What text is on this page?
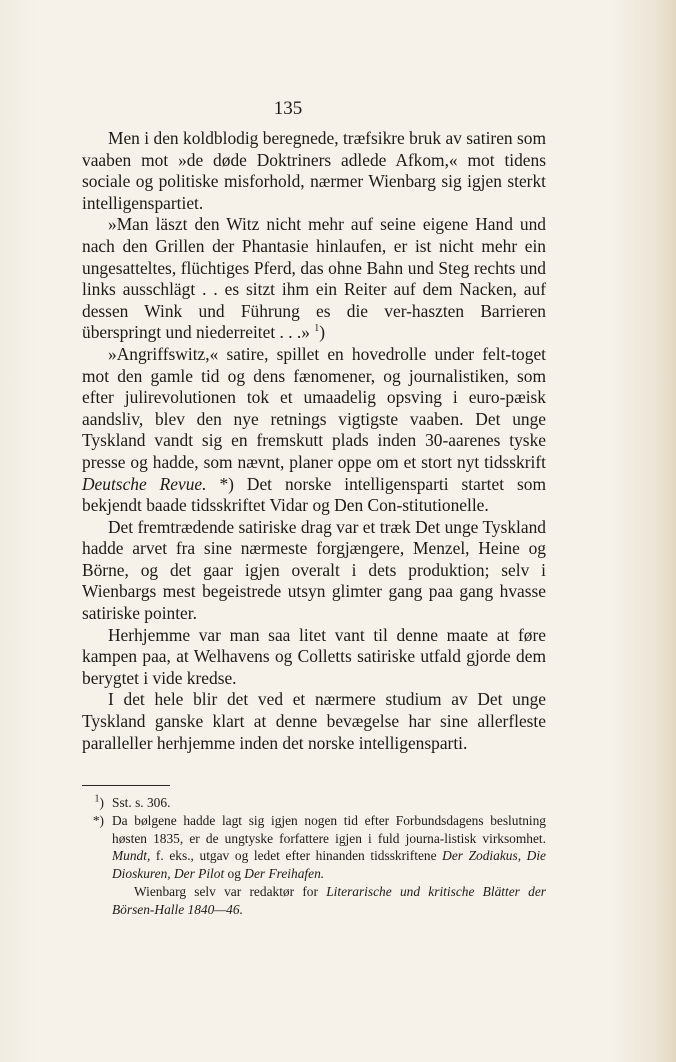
135

Men i den koldblodig beregnede, træfsikre bruk av satiren som vaaben mot »de døde Doktriners adlede Afkom,« mot tidens sociale og politiske misforhold, nærmer Wienbarg sig igjen sterkt intelligenspartiet.

»Man läszt den Witz nicht mehr auf seine eigene Hand und nach den Grillen der Phantasie hinlaufen, er ist nicht mehr ein ungesatteltes, flüchtiges Pferd, das ohne Bahn und Steg rechts und links ausschlägt . . es sitzt ihm ein Reiter auf dem Nacken, auf dessen Wink und Führung es die ver-haszten Barrieren überspringt und niederreitet . . .» $^1$)

»Angriffswitz,« satire, spillet en hovedrolle under felt-toget mot den gamle tid og dens fænomener, og journalistiken, som efter julirevolutionen tok et umaadelig opsving i euro-pæisk aandsliv, blev den nye retnings vigtigste vaaben. Det unge Tyskland vandt sig en fremskutt plads inden 30-aarenes tyske presse og hadde, som nævnt, planer oppe om et stort nyt tidsskrift Deutsche Revue. *) Det norske intelligensparti startet som bekjendt baade tidsskriftet Vidar og Den Con-stitutionelle.

Det fremtrædende satiriske drag var et træk Det unge Tyskland hadde arvet fra sine nærmeste forgjængere, Menzel, Heine og Börne, og det gaar igjen overalt i dets produktion; selv i Wienbargs mest begeistrede utsyn glimter gang paa gang hvasse satiriske pointer.

Herhjemme var man saa litet vant til denne maate at føre kampen paa, at Welhavens og Colletts satiriske utfald gjorde dem berygtet i vide kredse.

I det hele blir det ved et nærmere studium av Det unge Tyskland ganske klart at denne bevægelse har sine allerfleste paralleller herhjemme inden det norske intelligensparti.

$^1$) Sst. s. 306.

*) Da bølgene hadde lagt sig igjen nogen tid efter Forbundsdagens beslutning høsten 1835, er de ungtyske forfattere igjen i fuld journa-listisk virksomhet. Mundt, f. eks., utgav og ledet efter hinanden tidsskriftene Der Zodiakus, Die Dioskuren, Der Pilot og Der Freihafen.

Wienbarg selv var redaktør for Literarische und kritische Blätter der Börsen-Halle 1840—46.
